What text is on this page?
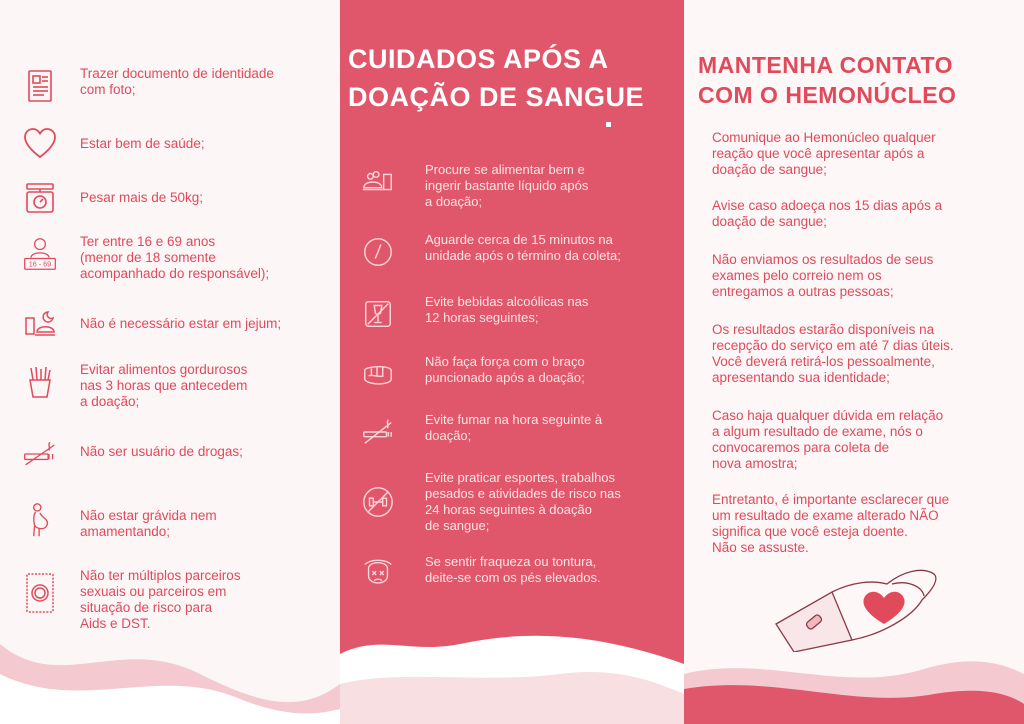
Trazer documento de identidade
com foto;
Estar bem de saúde;
Pesar mais de 50kg;
16 - 69
Ter entre 16 e 69 anos
(menor de 18 somente
acompanhado do responsável);
Não é necessário estar em jejum;
Evitar alimentos gordurosos
nas 3 horas que antecedem
a doação;
Não ser usuário de drogas;
Não estar grávida nem
amamentando;
Não ter múltiplos parceiros
sexuais ou parceiros em
situação de risco para
Aids e DST.
CUIDADOS APÓS A
DOAÇÃO DE SANGUE
Procure se alimentar bem e
ingerir bastante líquido após
a doação;
Aguarde cerca de 15 minutos na
unidade após o término da coleta;
Evite bebidas alcoólicas nas
12 horas seguintes;
Não faça força com o braço
puncionado após a doação;
Evite fumar na hora seguinte à
doação;
Evite praticar esportes, trabalhos
pesados e atividades de risco nas
24 horas seguintes à doação
de sangue;
Se sentir fraqueza ou tontura,
deite-se com os pés elevados.
MANTENHA CONTATO
COM O HEMONÚCLEO

Comunique ao Hemonúcleo qualquer
reação que você apresentar após a
doação de sangue;

Avise caso adoeça nos 15 dias após a
doação de sangue;

Não enviamos os resultados de seus
exames pelo correio nem os
entregamos a outras pessoas;

Os resultados estarão disponíveis na
recepção do serviço em até 7 dias úteis.
Você deverá retirá-los pessoalmente,
apresentando sua identidade;

Caso haja qualquer dúvida em relação
a algum resultado de exame, nós o
convocaremos para coleta de
nova amostra;

Entretanto, é importante esclarecer que
um resultado de exame alterado NÃO
significa que você esteja doente.
Não se assuste.
